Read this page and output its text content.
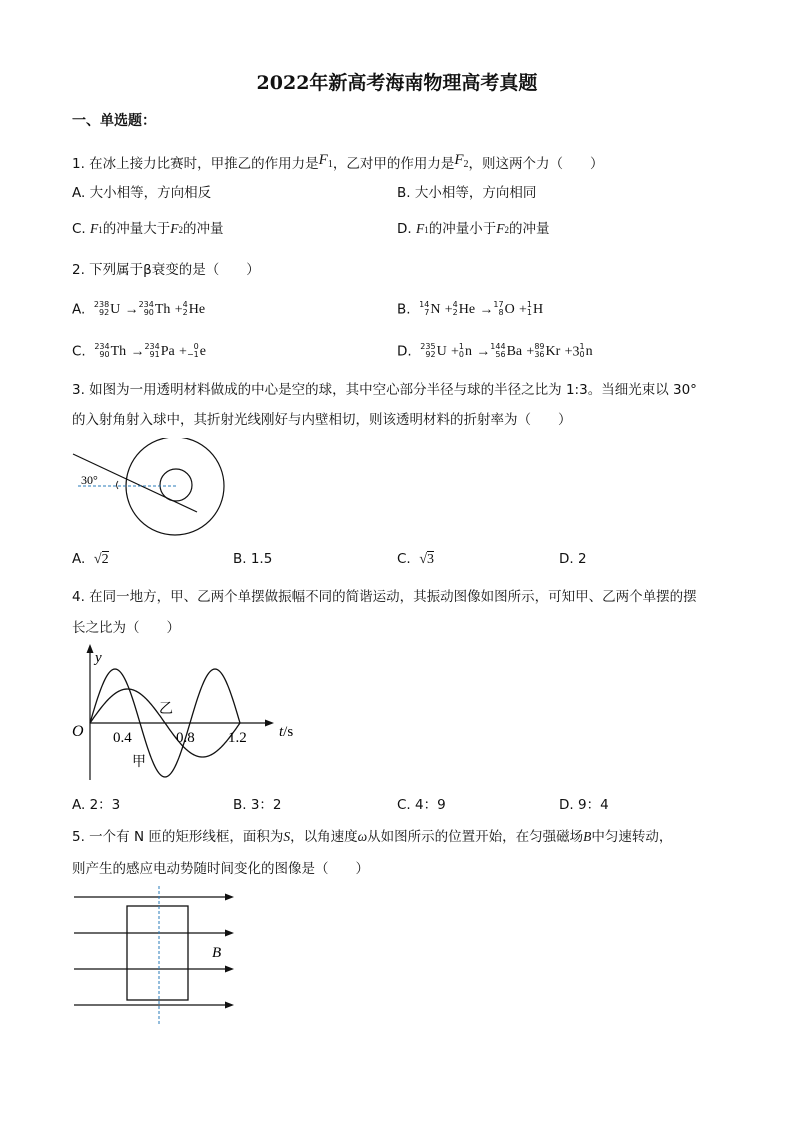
2022年新高考海南物理高考真题
一、单选题：
1. 在冰上接力比赛时，甲推乙的作用力是F1，乙对甲的作用力是F2，则这两个力（　　）
A. 大小相等，方向相反	B. 大小相等，方向相同
C. F1的冲量大于F2的冲量	D. F1的冲量小于F2的冲量
2. 下列属于β衰变的是（　　）
A. 238
92 U → 234
90 Th + 4
2 He	B. 14
7 N + 4
2 He → 17
8 O + 1
1 H
C. 234
90 Th → 234
91 Pa + 0
−1 e	D. 235
92 U + 1
0 n → 144
56 Ba + 89
36 Kr +3 1
0 n
3. 如图为一用透明材料做成的中心是空的球，其中空心部分半径与球的半径之比为 1:3。当细光束以 30°
的入射角射入球中，其折射光线刚好与内壁相切，则该透明材料的折射率为（　　）
30°
A. √2	B. 1.5	C. √3	D. 2
4. 在同一地方，甲、乙两个单摆做振幅不同的简谐运动，其振动图像如图所示，可知甲、乙两个单摆的摆
长之比为（　　）
y
t/s
O 0.4	0.8 1.2
乙
甲
A. 2：3	B. 3：2	C. 4：9	D. 9：4
5. 一个有 N 匝的矩形线框，面积为S，以角速度ω从如图所示的位置开始，在匀强磁场B中匀速转动，
则产生的感应电动势随时间变化的图像是（　　）
B
